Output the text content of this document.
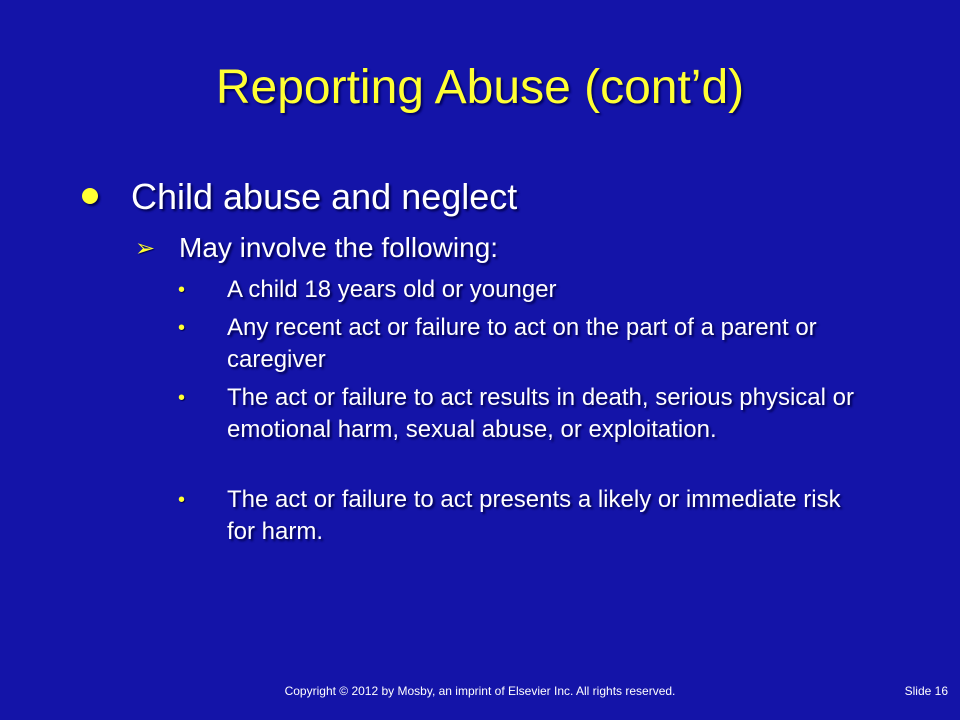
Reporting Abuse (cont’d)
Child abuse and neglect
➢ May involve the following:
• A child 18 years old or younger
• Any recent act or failure to act on the part of a parent or caregiver
• The act or failure to act results in death, serious physical or emotional harm, sexual abuse, or exploitation.
• The act or failure to act presents a likely or immediate risk for harm.
Copyright © 2012 by Mosby, an imprint of Elsevier Inc. All rights reserved.	Slide 16
